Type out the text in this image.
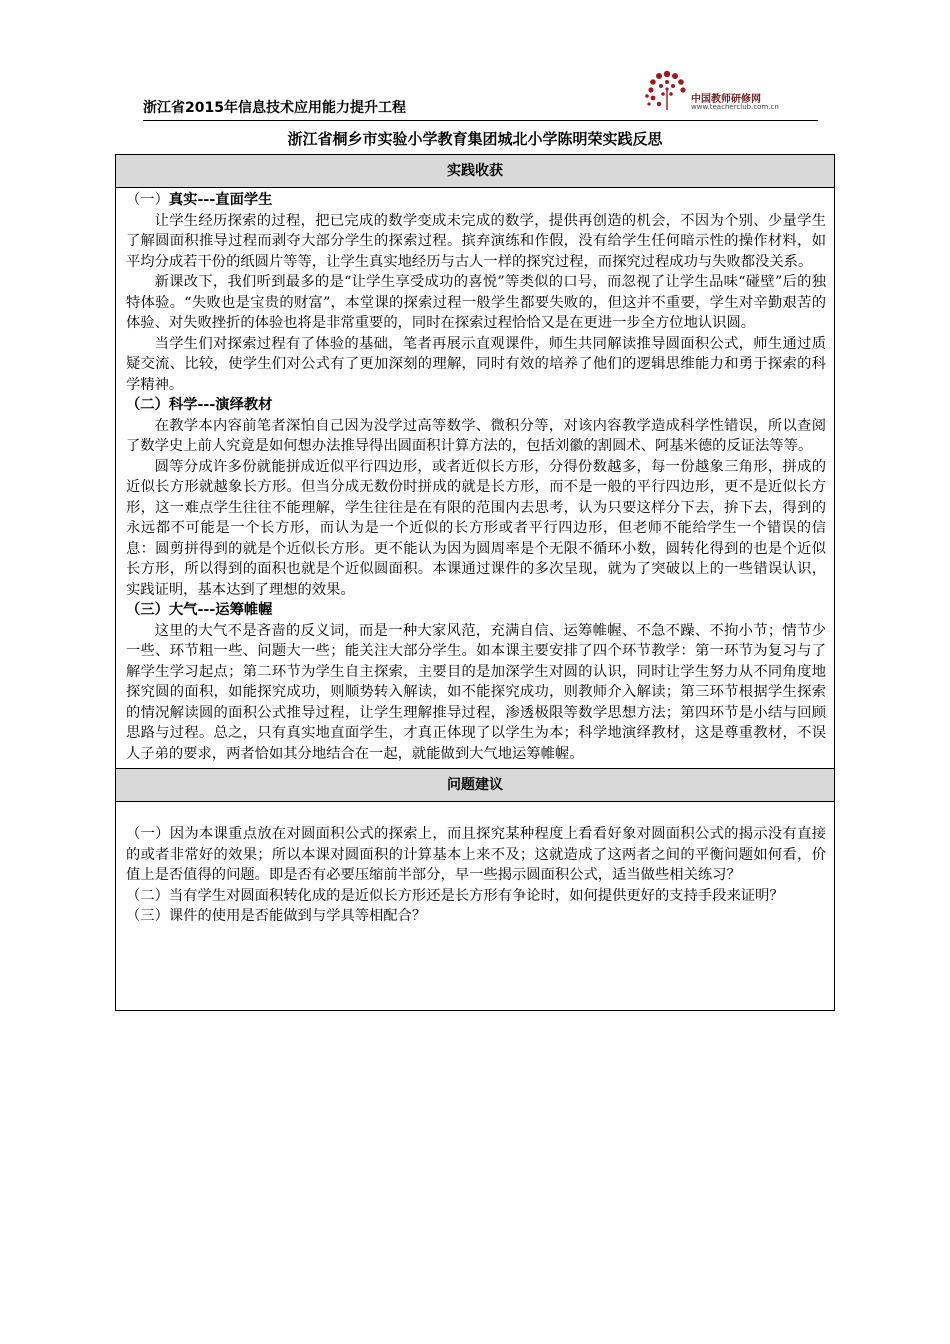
浙江省2015年信息技术应用能力提升工程
中国教师研修网
www.teacherclub.com.cn
浙江省桐乡市实验小学教育集团城北小学陈明荣实践反思
实践收获
（一）真实---直面学生

让学生经历探索的过程，把已完成的数学变成未完成的数学，提供再创造的机会，不因为个别、少量学生了解圆面积推导过程而剥夺大部分学生的探索过程。摈弃演练和作假，没有给学生任何暗示性的操作材料，如平均分成若干份的纸圆片等等，让学生真实地经历与古人一样的探究过程，而探究过程成功与失败都没关系。

新课改下，我们听到最多的是“让学生享受成功的喜悦”等类似的口号，而忽视了让学生品味“碰壁”后的独特体验。“失败也是宝贵的财富”，本堂课的探索过程一般学生都要失败的，但这并不重要，学生对辛勤艰苦的体验、对失败挫折的体验也将是非常重要的，同时在探索过程恰恰又是在更进一步全方位地认识圆。

当学生们对探索过程有了体验的基础，笔者再展示直观课件，师生共同解读推导圆面积公式，师生通过质疑交流、比较，使学生们对公式有了更加深刻的理解，同时有效的培养了他们的逻辑思维能力和勇于探索的科学精神。

（二）科学---演绎教材

在教学本内容前笔者深怕自己因为没学过高等数学、微积分等，对该内容教学造成科学性错误，所以查阅了数学史上前人究竟是如何想办法推导得出圆面积计算方法的，包括刘徽的割圆术、阿基米德的反证法等等。

圆等分成许多份就能拼成近似平行四边形，或者近似长方形，分得份数越多，每一份越象三角形，拼成的近似长方形就越象长方形。但当分成无数份时拼成的就是长方形，而不是一般的平行四边形，更不是近似长方形，这一难点学生往往不能理解，学生往往是在有限的范围内去思考，认为只要这样分下去，拚下去，得到的永远都不可能是一个长方形，而认为是一个近似的长方形或者平行四边形，但老师不能给学生一个错误的信息：圆剪拼得到的就是个近似长方形。更不能认为因为圆周率是个无限不循环小数，圆转化得到的也是个近似长方形，所以得到的面积也就是个近似圆面积。本课通过课件的多次呈现，就为了突破以上的一些错误认识，实践证明，基本达到了理想的效果。

（三）大气---运筹帷幄

这里的大气不是吝啬的反义词，而是一种大家风范，充满自信、运筹帷幄、不急不躁、不拘小节；情节少一些、环节粗一些、问题大一些；能关注大部分学生。如本课主要安排了四个环节教学：第一环节为复习与了解学生学习起点；第二环节为学生自主探索，主要目的是加深学生对圆的认识，同时让学生努力从不同角度地探究圆的面积，如能探究成功，则顺势转入解读，如不能探究成功，则教师介入解读；第三环节根据学生探索的情况解读圆的面积公式推导过程，让学生理解推导过程，渗透极限等数学思想方法；第四环节是小结与回顾思路与过程。总之，只有真实地直面学生，才真正体现了以学生为本；科学地演绎教材，这是尊重教材，不误人子弟的要求，两者恰如其分地结合在一起，就能做到大气地运筹帷幄。

问题建议

（一）因为本课重点放在对圆面积公式的探索上，而且探究某种程度上看看好象对圆面积公式的揭示没有直接的或者非常好的效果；所以本课对圆面积的计算基本上来不及；这就造成了这两者之间的平衡问题如何看，价值上是否值得的问题。即是否有必要压缩前半部分，早一些揭示圆面积公式，适当做些相关练习？

（二）当有学生对圆面积转化成的是近似长方形还是长方形有争论时，如何提供更好的支持手段来证明？

（三）课件的使用是否能做到与学具等相配合？
